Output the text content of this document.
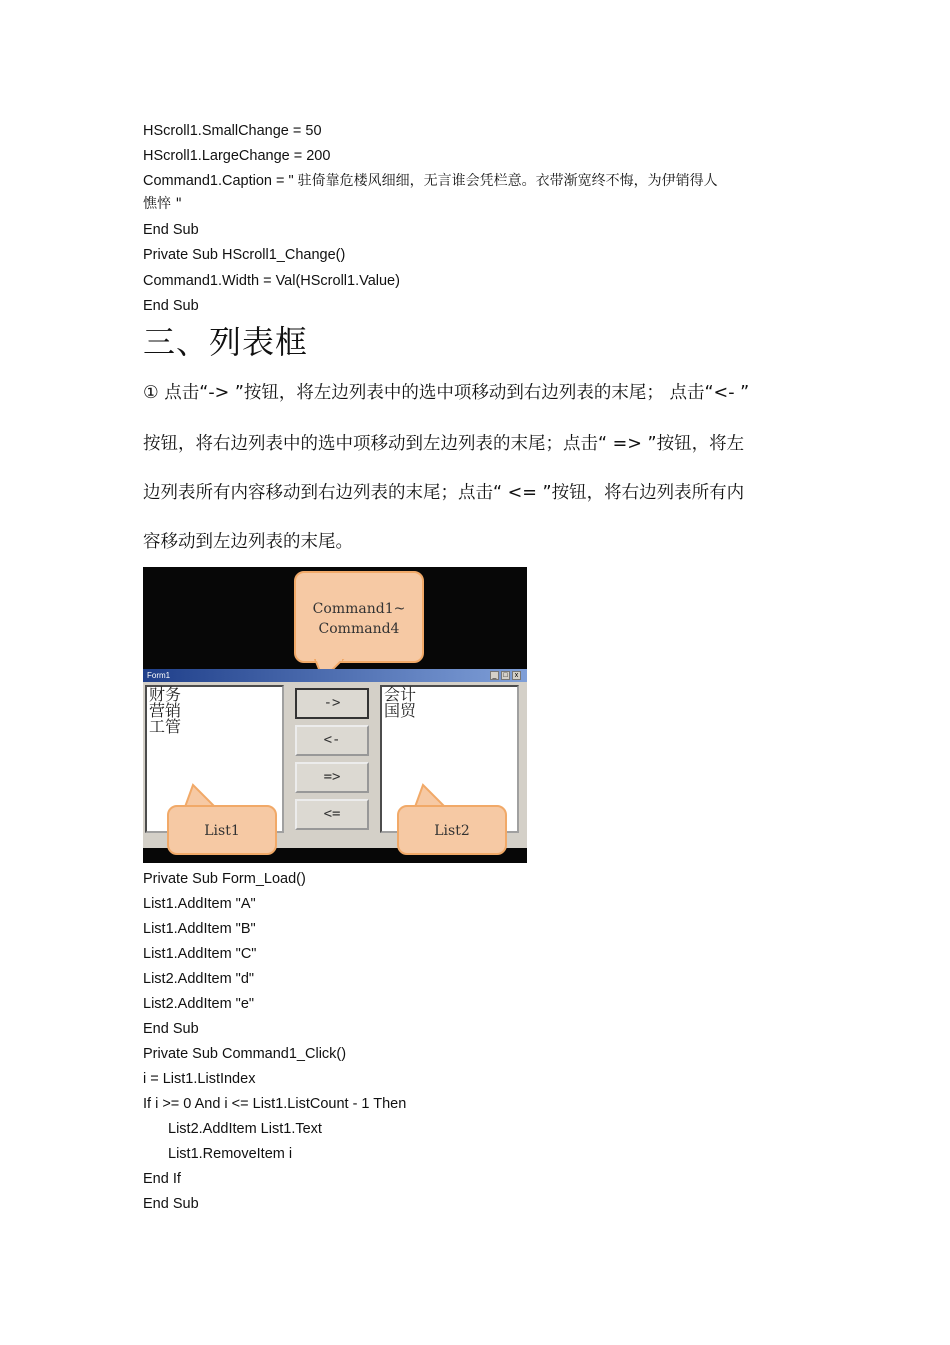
HScroll1.SmallChange = 50
HScroll1.LargeChange = 200
Command1.Caption = " 驻倚靠危楼风细细，无言谁会凭栏意。衣带渐宽终不悔，为伊销得人
憔悴 "
End Sub
Private Sub HScroll1_Change()
Command1.Width = Val(HScroll1.Value)
End Sub
三、列表框
① 点击“-> ”按钮，将左边列表中的选中项移动到右边列表的末尾； 点击“<- ”
按钮，将右边列表中的选中项移动到左边列表的末尾；点击“ => ”按钮，将左
边列表所有内容移动到右边列表的末尾；点击“ <= ”按钮，将右边列表所有内
容移动到左边列表的末尾。
Command1~
Command4
Form1	_ □	x
财务
营销
工管
->
<-
=>
<=
会计
国贸
List1	List2
Private Sub Form_Load()
List1.AddItem "A"
List1.AddItem "B"
List1.AddItem "C"
List2.AddItem "d"
List2.AddItem "e"
End Sub
Private Sub Command1_Click()
i = List1.ListIndex
If i >= 0 And i <= List1.ListCount - 1 Then
List2.AddItem List1.Text
List1.RemoveItem i
End If
End Sub
